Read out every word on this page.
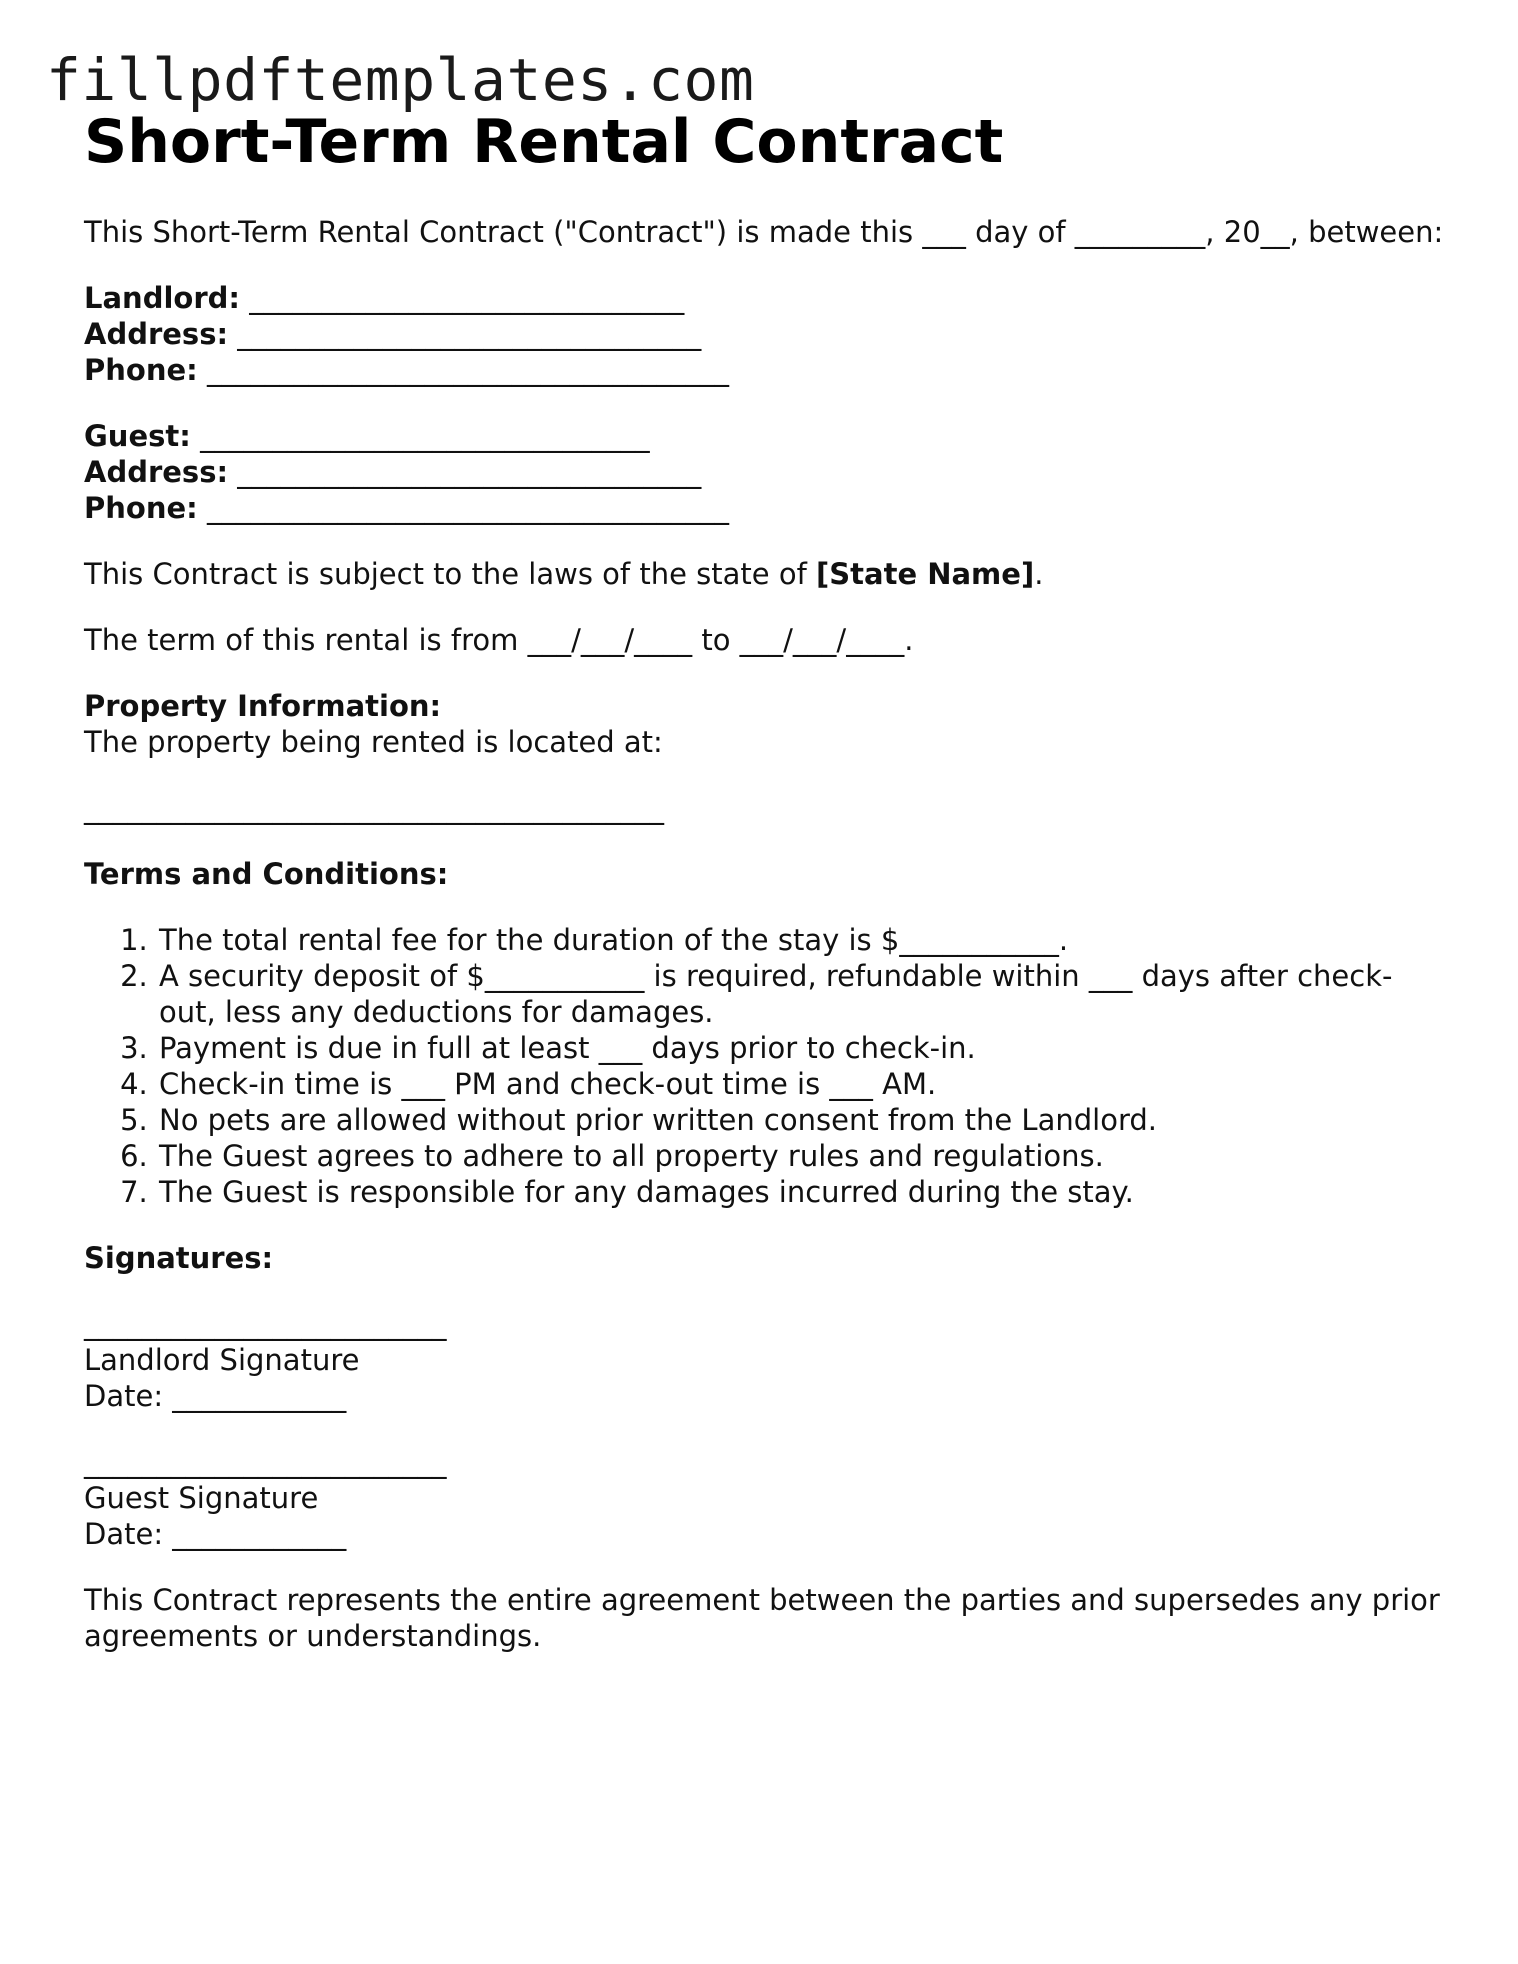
fillpdftemplates.com
Short-Term Rental Contract

This Short-Term Rental Contract ("Contract") is made this ___ day of _________, 20__, between:

Landlord: ______________________________
Address: ________________________________
Phone: ____________________________________
Guest: _______________________________
Address: ________________________________
Phone: ____________________________________

This Contract is subject to the laws of the state of [State Name].

The term of this rental is from ___/___/____ to ___/___/____.

Property Information:
The property being rented is located at:
________________________________________
Terms and Conditions:
1. The total rental fee for the duration of the stay is $___________.
2. A security deposit of $___________ is required, refundable within ___ days after check-out, less any deductions for damages.
3. Payment is due in full at least ___ days prior to check-in.
4. Check-in time is ___ PM and check-out time is ___ AM.
5. No pets are allowed without prior written consent from the Landlord.
6. The Guest agrees to adhere to all property rules and regulations.
7. The Guest is responsible for any damages incurred during the stay.
Signatures:
_________________________
Landlord Signature
Date: ____________
_________________________
Guest Signature
Date: ____________

This Contract represents the entire agreement between the parties and supersedes any prior agreements or understandings.
